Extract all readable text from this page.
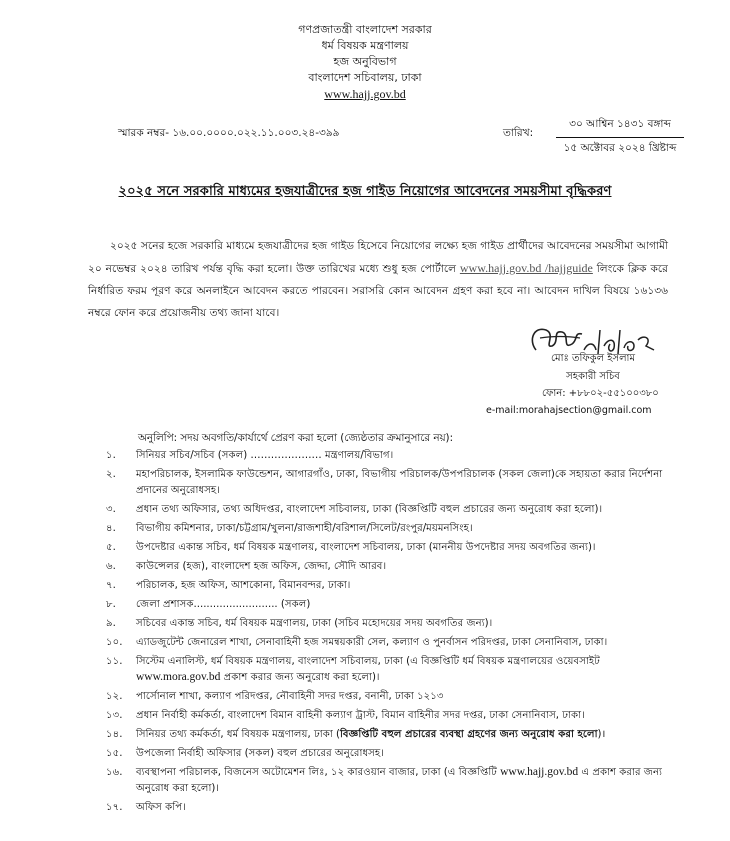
গণপ্রজাতন্ত্রী বাংলাদেশ সরকার
ধর্ম বিষয়ক মন্ত্রণালয়
হজ অনুবিভাগ
বাংলাদেশ সচিবালয়, ঢাকা
www.hajj.gov.bd
স্মারক নম্বর- ১৬.০০.০০০০.০২২.১১.০০৩.২৪-৩৯৯	তারিখ:
৩০ আশ্বিন ১৪৩১ বঙ্গাব্দ
১৫ অক্টোবর ২০২৪ খ্রিষ্টাব্দ
২০২৫ সনে সরকারি মাধ্যমের হজযাত্রীদের হজ গাইড নিয়োগের আবেদনের সময়সীমা বৃদ্ধিকরণ
২০২৫ সনের হজে সরকারি মাধ্যমে হজযাত্রীদের হজ গাইড হিসেবে নিয়োগের লক্ষ্যে হজ গাইড প্রার্থীদের আবেদনের সময়সীমা আগামী ২০ নভেম্বর ২০২৪ তারিখ পর্যন্ত বৃদ্ধি করা হলো। উক্ত তারিখের মধ্যে শুধু হজ পোর্টালে www.hajj.gov.bd /hajjguide লিংকে ক্লিক করে নির্ধারিত ফরম পূরণ করে অনলাইনে আবেদন করতে পারবেন। সরাসরি কোন আবেদন গ্রহণ করা হবে না। আবেদন দাখিল বিষয়ে ১৬১৩৬ নম্বরে ফোন করে প্রয়োজনীয় তথ্য জানা যাবে।
মোঃ তফিকুল ইসলাম
সহকারী সচিব
ফোন: +৮৮০২-৫৫১০০৩৮০
e-mail:morahajsection@gmail.com
অনুলিপি: সদয় অবগতি/কার্যার্থে প্রেরণ করা হলো (জ্যেষ্ঠতার ক্রমানুসারে নয়):
১.	সিনিয়র সচিব/সচিব (সকল) ………………… মন্ত্রণালয়/বিভাগ।
২.	মহাপরিচালক, ইসলামিক ফাউন্ডেশন, আগারগাঁও, ঢাকা, বিভাগীয় পরিচালক/উপপরিচালক (সকল জেলা)কে সহায়তা করার নির্দেশনা প্রদানের অনুরোধসহ।
৩.	প্রধান তথ্য অফিসার, তথ্য অধিদপ্তর, বাংলাদেশ সচিবালয়, ঢাকা (বিজ্ঞপ্তিটি বহুল প্রচারের জন্য অনুরোধ করা হলো)।
৪.	বিভাগীয় কমিশনার, ঢাকা/চট্টগ্রাম/খুলনা/রাজশাহী/বরিশাল/সিলেট/রংপুর/ময়মনসিংহ।
৫.	উপদেষ্টার একান্ত সচিব, ধর্ম বিষয়ক মন্ত্রণালয়, বাংলাদেশ সচিবালয়, ঢাকা (মাননীয় উপদেষ্টার সদয় অবগতির জন্য)।
৬.	কাউন্সেলর (হজ), বাংলাদেশ হজ অফিস, জেদ্দা, সৌদি আরব।
৭.	পরিচালক, হজ অফিস, আশকোনা, বিমানবন্দর, ঢাকা।
৮.	জেলা প্রশাসক.......................... (সকল)
৯.	সচিবের একান্ত সচিব, ধর্ম বিষয়ক মন্ত্রণালয়, ঢাকা (সচিব মহোদয়ের সদয় অবগতির জন্য)।
১০.	এ্যাডজুটেন্ট জেনারেল শাখা, সেনাবাহিনী হজ সমন্বয়কারী সেল, কল্যাণ ও পুনর্বাসন পরিদপ্তর, ঢাকা সেনানিবাস, ঢাকা।
১১.	সিস্টেম এনালিস্ট, ধর্ম বিষয়ক মন্ত্রণালয়, বাংলাদেশ সচিবালয়, ঢাকা (এ বিজ্ঞপ্তিটি ধর্ম বিষয়ক মন্ত্রণালয়ের ওয়েবসাইট www.mora.gov.bd প্রকাশ করার জন্য অনুরোধ করা হলো)।
১২.	পার্সোনাল শাখা, কল্যাণ পরিদপ্তর, নৌবাহিনী সদর দপ্তর, বনানী, ঢাকা ১২১৩
১৩.	প্রধান নির্বাহী কর্মকর্তা, বাংলাদেশ বিমান বাহিনী কল্যাণ ট্রাস্ট, বিমান বাহিনীর সদর দপ্তর, ঢাকা সেনানিবাস, ঢাকা।
১৪.	সিনিয়র তথ্য কর্মকর্তা, ধর্ম বিষয়ক মন্ত্রণালয়, ঢাকা (বিজ্ঞপ্তিটি বহুল প্রচারের ব্যবস্থা গ্রহণের জন্য অনুরোধ করা হলো)।
১৫.	উপজেলা নির্বাহী অফিসার (সকল) বহুল প্রচারের অনুরোধসহ।
১৬.	ব্যবস্থাপনা পরিচালক, বিজনেস অটোমেশন লিঃ, ১২ কারওয়ান বাজার, ঢাকা (এ বিজ্ঞপ্তিটি www.hajj.gov.bd এ প্রকাশ করার জন্য অনুরোধ করা হলো)।
১৭.	অফিস কপি।
